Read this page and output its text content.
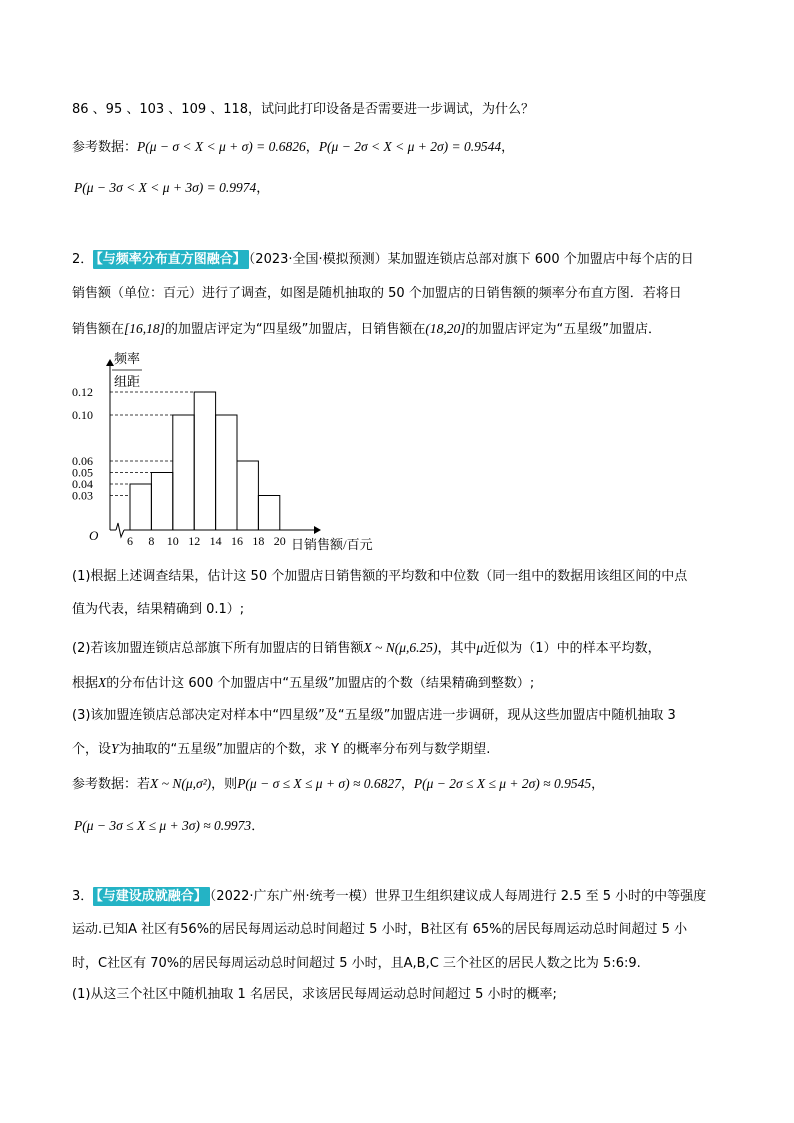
86 、95 、103 、109 、118，试问此打印设备是否需要进一步调试，为什么？
参考数据：P(μ − σ < X < μ + σ) = 0.6826，P(μ − 2σ < X < μ + 2σ) = 0.9544，
P(μ − 3σ < X < μ + 3σ) = 0.9974，
2． 【与频率分布直方图融合】 （2023·全国·模拟预测）某加盟连锁店总部对旗下 600 个加盟店中每个店的日
销售额（单位：百元）进行了调查，如图是随机抽取的 50 个加盟店的日销售额的频率分布直方图．若将日
销售额在[16,18]的加盟店评定为“四星级”加盟店，日销售额在(18,20]的加盟店评定为“五星级”加盟店．
频率
组距
O
日销售额/百元
0.12
0.10
0.06
0.05
0.04
0.03
6 8 10 12 14 16 18 20
(1)根据上述调查结果，估计这 50 个加盟店日销售额的平均数和中位数（同一组中的数据用该组区间的中点
值为代表，结果精确到 0.1）;
(2)若该加盟连锁店总部旗下所有加盟店的日销售额X ~ N(μ,6.25)，其中μ近似为（1）中的样本平均数，
根据X的分布估计这 600 个加盟店中“五星级”加盟店的个数（结果精确到整数）;
(3)该加盟连锁店总部决定对样本中“四星级”及“五星级”加盟店进一步调研，现从这些加盟店中随机抽取 3
个，设Y为抽取的“五星级”加盟店的个数，求 Y 的概率分布列与数学期望.
参考数据：若X ~ N(μ,σ²)，则P(μ − σ ≤ X ≤ μ + σ) ≈ 0.6827，P(μ − 2σ ≤ X ≤ μ + 2σ) ≈ 0.9545，
P(μ − 3σ ≤ X ≤ μ + 3σ) ≈ 0.9973．
3． 【与建设成就融合】 （2022·广东广州·统考一模）世界卫生组织建议成人每周进行 2.5 至 5 小时的中等强度
运动.已知A 社区有56%的居民每周运动总时间超过 5 小时，B社区有 65%的居民每周运动总时间超过 5 小
时，C社区有 70%的居民每周运动总时间超过 5 小时，且A,B,C 三个社区的居民人数之比为 5:6:9.
(1)从这三个社区中随机抽取 1 名居民，求该居民每周运动总时间超过 5 小时的概率;
